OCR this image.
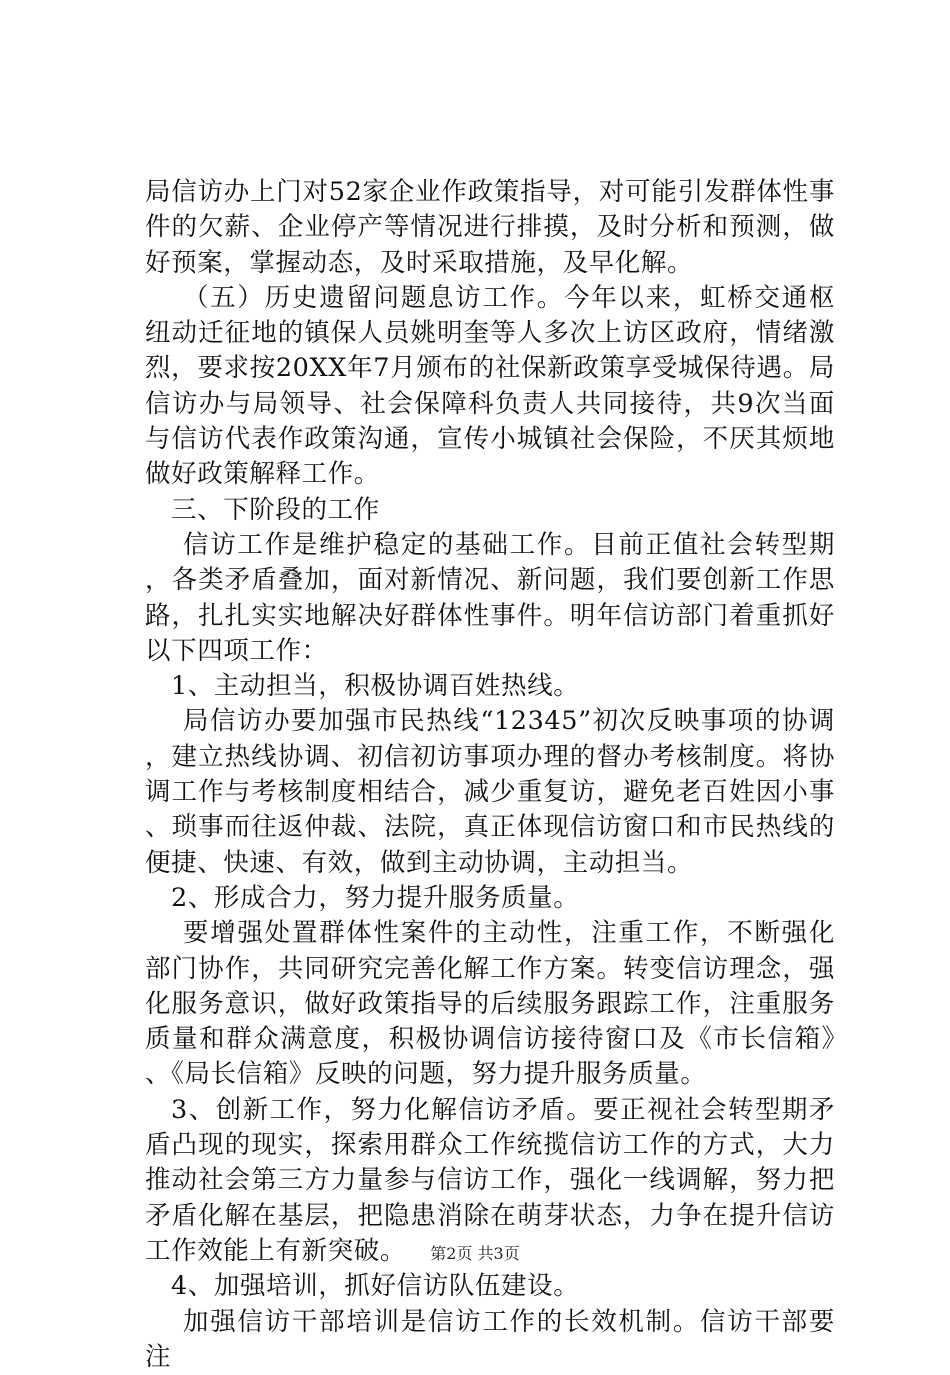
局信访办上门对52家企业作政策指导，对可能引发群体性事件的欠薪、企业停产等情况进行排摸，及时分析和预测，做好预案，掌握动态，及时采取措施，及早化解。

（五）历史遗留问题息访工作。今年以来，虹桥交通枢纽动迁征地的镇保人员姚明奎等人多次上访区政府，情绪激烈，要求按20XX年7月颁布的社保新政策享受城保待遇。局信访办与局领导、社会保障科负责人共同接待，共9次当面与信访代表作政策沟通，宣传小城镇社会保险，不厌其烦地做好政策解释工作。

三、下阶段的工作

信访工作是维护稳定的基础工作。目前正值社会转型期，各类矛盾叠加，面对新情况、新问题，我们要创新工作思路，扎扎实实地解决好群体性事件。明年信访部门着重抓好以下四项工作：

1、主动担当，积极协调百姓热线。

局信访办要加强市民热线“12345”初次反映事项的协调，建立热线协调、初信初访事项办理的督办考核制度。将协调工作与考核制度相结合，减少重复访，避免老百姓因小事、琐事而往返仲裁、法院，真正体现信访窗口和市民热线的便捷、快速、有效，做到主动协调，主动担当。

2、形成合力，努力提升服务质量。

要增强处置群体性案件的主动性，注重工作，不断强化部门协作，共同研究完善化解工作方案。转变信访理念，强化服务意识，做好政策指导的后续服务跟踪工作，注重服务质量和群众满意度，积极协调信访接待窗口及《市长信箱》、《局长信箱》反映的问题，努力提升服务质量。

3、创新工作，努力化解信访矛盾。要正视社会转型期矛盾凸现的现实，探索用群众工作统揽信访工作的方式，大力推动社会第三方力量参与信访工作，强化一线调解，努力把矛盾化解在基层，把隐患消除在萌芽状态，力争在提升信访工作效能上有新突破。

4、加强培训，抓好信访队伍建设。

加强信访干部培训是信访工作的长效机制。信访干部要注

第2页 共3页
